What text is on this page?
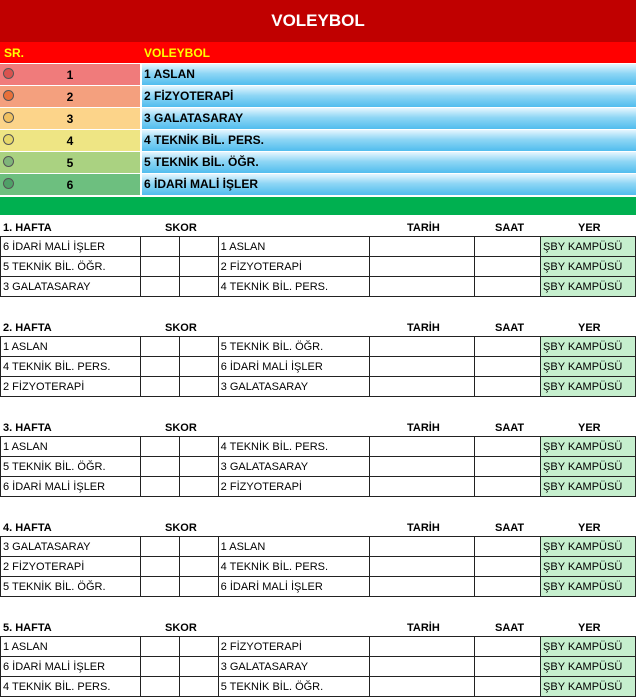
VOLEYBOL
SR.	VOLEYBOL
1	1 ASLAN
2	2 FİZYOTERAPİ
3	3 GALATASARAY
4	4 TEKNİK BİL. PERS.
5	5 TEKNİK BİL. ÖĞR.
6	6 İDARİ MALİ İŞLER
1. HAFTA	SKOR	TARİH	SAAT	YER
6 İDARİ MALİ İŞLER			1 ASLAN			ŞBY KAMPÜSÜ
5 TEKNİK BİL. ÖĞR.			2 FİZYOTERAPİ			ŞBY KAMPÜSÜ
3 GALATASARAY			4 TEKNİK BİL. PERS.			ŞBY KAMPÜSÜ
2. HAFTA	SKOR	TARİH	SAAT	YER
1 ASLAN			5 TEKNİK BİL. ÖĞR.			ŞBY KAMPÜSÜ
4 TEKNİK BİL. PERS.			6 İDARİ MALİ İŞLER			ŞBY KAMPÜSÜ
2 FİZYOTERAPİ			3 GALATASARAY			ŞBY KAMPÜSÜ
3. HAFTA	SKOR	TARİH	SAAT	YER
1 ASLAN			4 TEKNİK BİL. PERS.			ŞBY KAMPÜSÜ
5 TEKNİK BİL. ÖĞR.			3 GALATASARAY			ŞBY KAMPÜSÜ
6 İDARİ MALİ İŞLER			2 FİZYOTERAPİ			ŞBY KAMPÜSÜ
4. HAFTA	SKOR	TARİH	SAAT	YER
3 GALATASARAY			1 ASLAN			ŞBY KAMPÜSÜ
2 FİZYOTERAPİ			4 TEKNİK BİL. PERS.			ŞBY KAMPÜSÜ
5 TEKNİK BİL. ÖĞR.			6 İDARİ MALİ İŞLER			ŞBY KAMPÜSÜ
5. HAFTA	SKOR	TARİH	SAAT	YER
1 ASLAN			2 FİZYOTERAPİ			ŞBY KAMPÜSÜ
6 İDARİ MALİ İŞLER			3 GALATASARAY			ŞBY KAMPÜSÜ
4 TEKNİK BİL. PERS.			5 TEKNİK BİL. ÖĞR.			ŞBY KAMPÜSÜ
